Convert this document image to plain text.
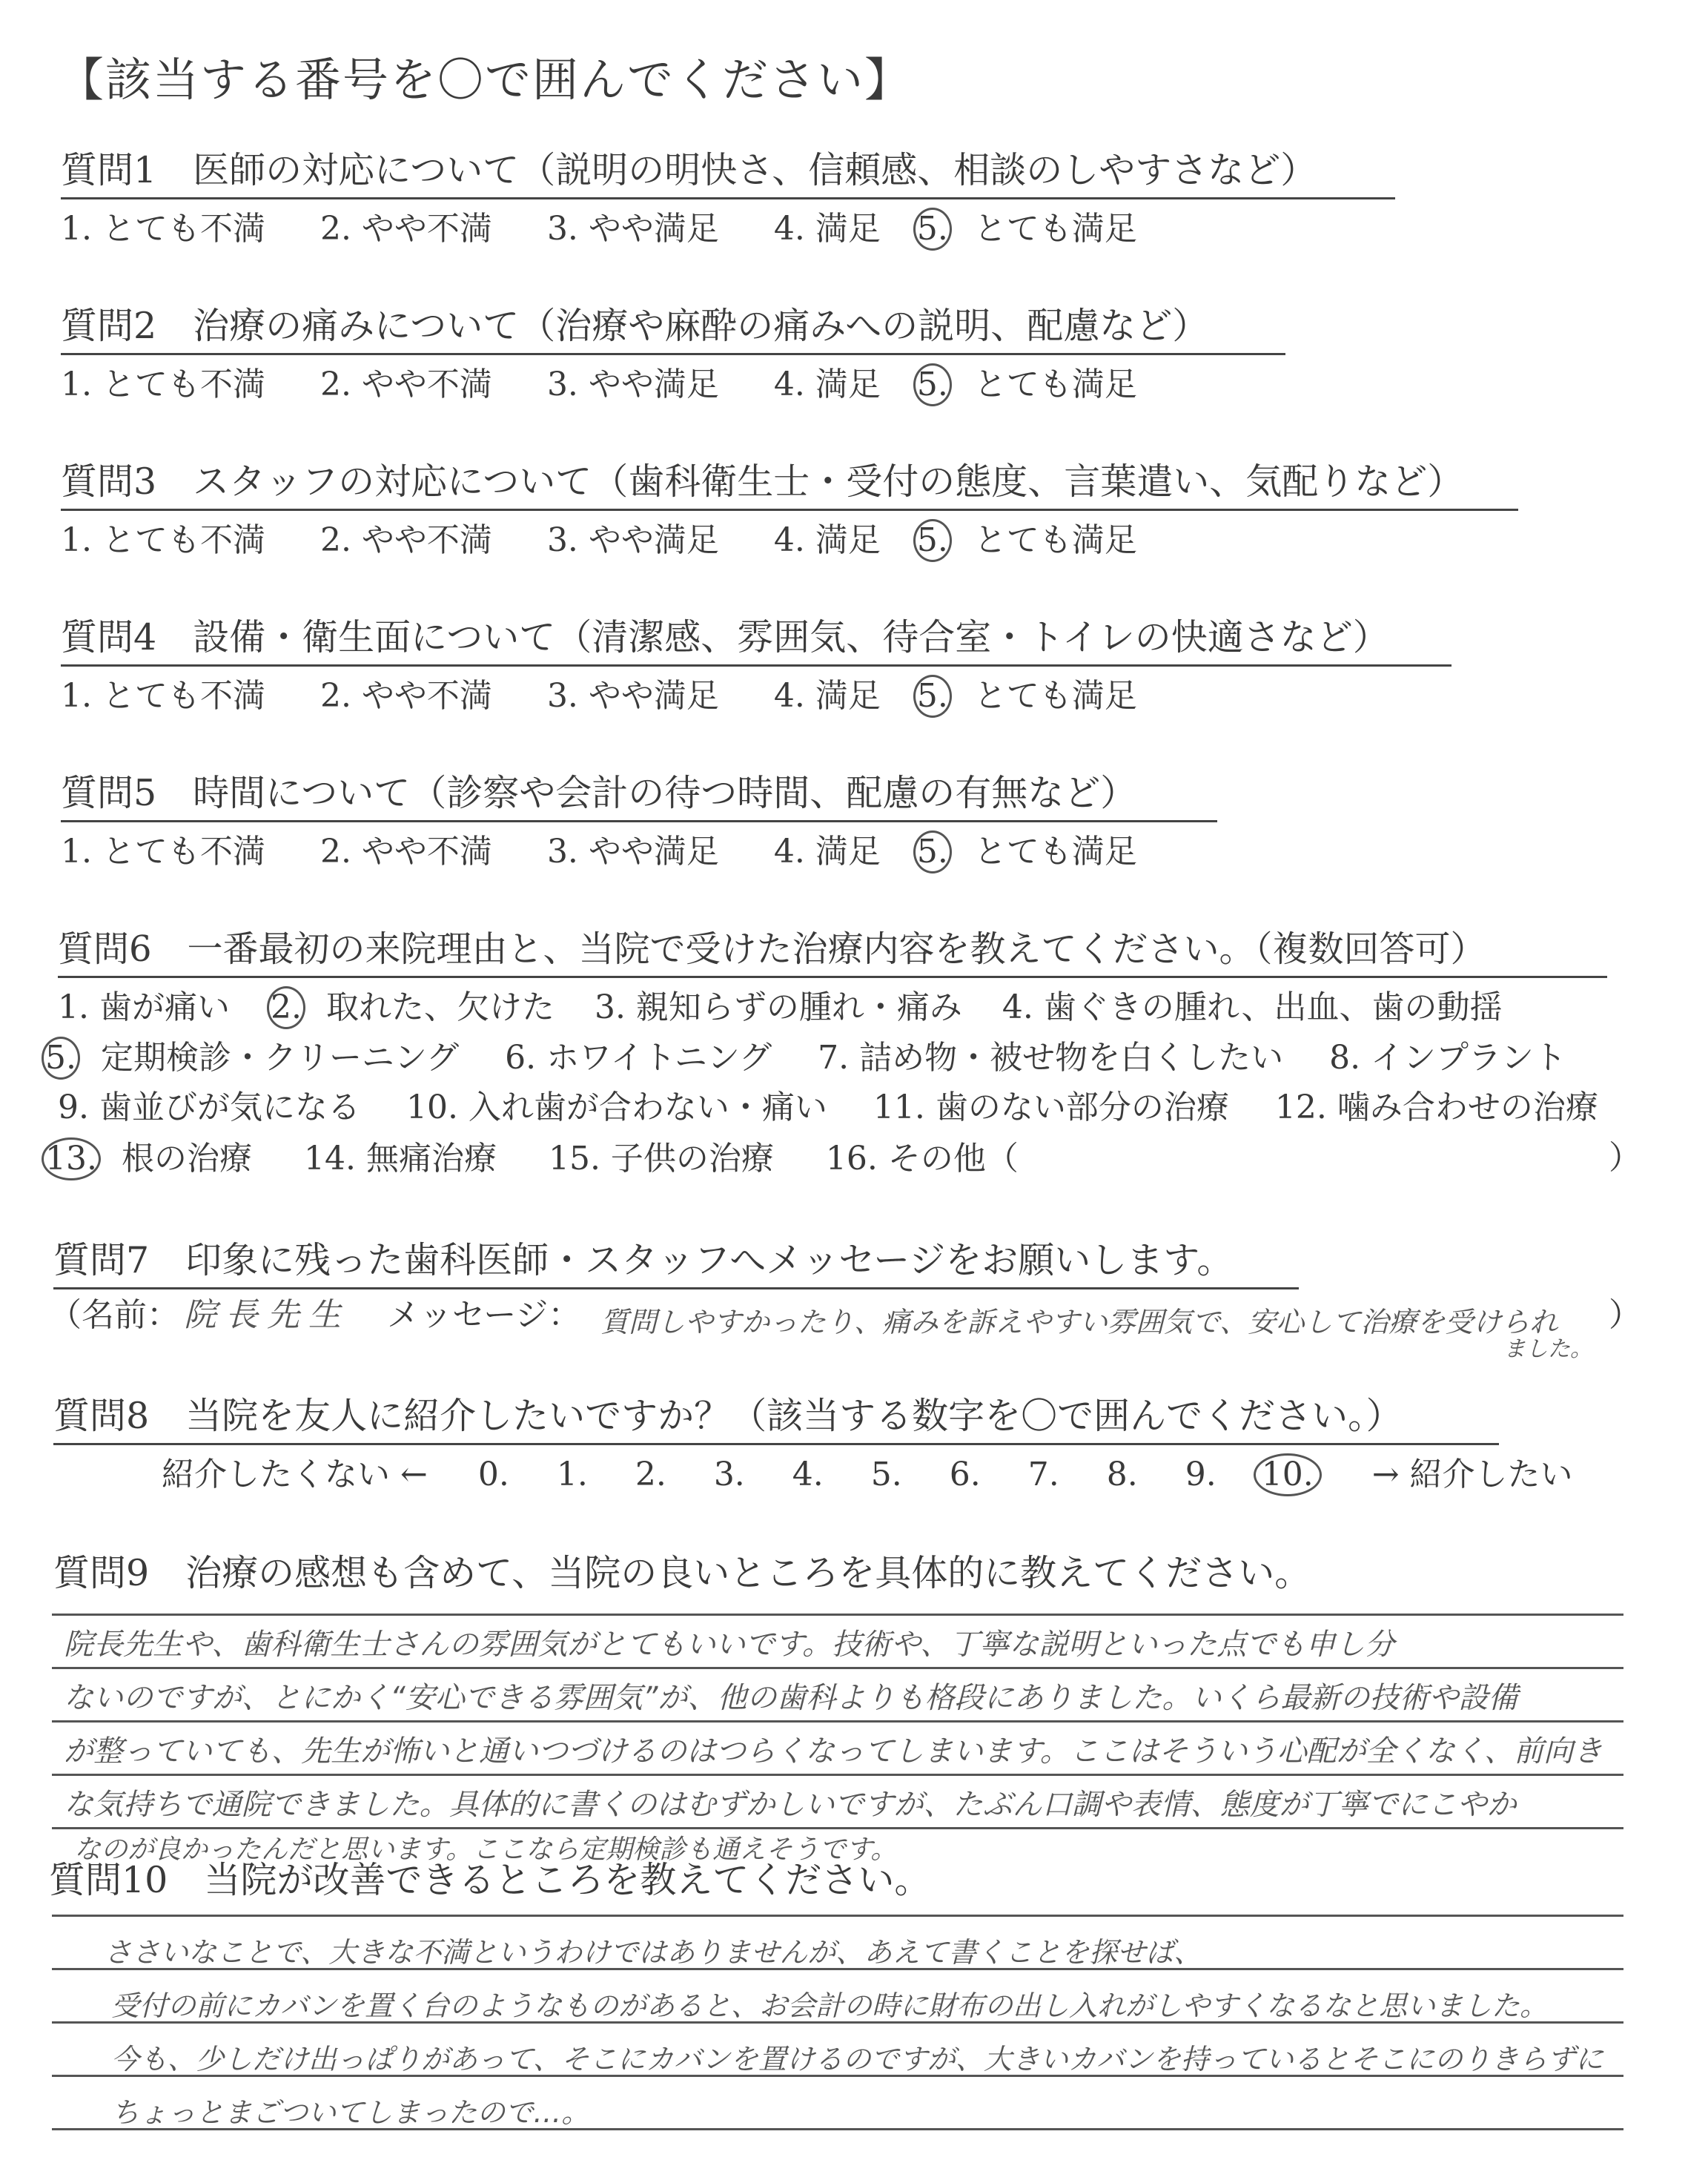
【該当する番号を〇で囲んでください】
質問1　医師の対応について（説明の明快さ、信頼感、相談のしやすさなど）
1. とても不満 2. やや不満 3. やや満足 4. 満足 5. とても満足
質問2　治療の痛みについて（治療や麻酔の痛みへの説明、配慮など）
1. とても不満 2. やや不満 3. やや満足 4. 満足 5. とても満足
質問3　スタッフの対応について（歯科衛生士・受付の態度、言葉遣い、気配りなど）
1. とても不満 2. やや不満 3. やや満足 4. 満足 5. とても満足
質問4　設備・衛生面について（清潔感、雰囲気、待合室・トイレの快適さなど）
1. とても不満 2. やや不満 3. やや満足 4. 満足 5. とても満足
質問5　時間について（診察や会計の待つ時間、配慮の有無など）
1. とても不満 2. やや不満 3. やや満足 4. 満足 5. とても満足
質問6　一番最初の来院理由と、当院で受けた治療内容を教えてください。（複数回答可）
1. 歯が痛い 2. 取れた、欠けた 3. 親知らずの腫れ・痛み 4. 歯ぐきの腫れ、出血、歯の動揺
5. 定期検診・クリーニング 6. ホワイトニング 7. 詰め物・被せ物を白くしたい 8. インプラント
9. 歯並びが気になる 10. 入れ歯が合わない・痛い 11. 歯のない部分の治療 12. 噛み合わせの治療
13. 根の治療 14. 無痛治療 15. 子供の治療 16. その他（	）
質問7　印象に残った歯科医師・スタッフへメッセージをお願いします。
（名前： 院長先生 メッセージ： 質問しやすかったり、痛みを訴えやすい雰囲気で、安心して治療を受けられ
ました。
）
質問8　当院を友人に紹介したいですか？（該当する数字を〇で囲んでください。）
紹介したくない ← 0. 1. 2. 3. 4. 5. 6. 7. 8. 9. 10. → 紹介したい
質問9　治療の感想も含めて、当院の良いところを具体的に教えてください。
院長先生や、歯科衛生士さんの雰囲気がとてもいいです。技術や、丁寧な説明といった点でも申し分
ないのですが、とにかく“安心できる雰囲気”が、他の歯科よりも格段にありました。いくら最新の技術や設備
が整っていても、先生が怖いと通いつづけるのはつらくなってしまいます。ここはそういう心配が全くなく、前向き
な気持ちで通院できました。具体的に書くのはむずかしいですが、たぶん口調や表情、態度が丁寧でにこやか
なのが良かったんだと思います。ここなら定期検診も通えそうです。
質問10　当院が改善できるところを教えてください。
ささいなことで、大きな不満というわけではありませんが、あえて書くことを探せば、
受付の前にカバンを置く台のようなものがあると、お会計の時に財布の出し入れがしやすくなるなと思いました。
今も、少しだけ出っぱりがあって、そこにカバンを置けるのですが、大きいカバンを持っているとそこにのりきらずに
ちょっとまごついてしまったので…。
